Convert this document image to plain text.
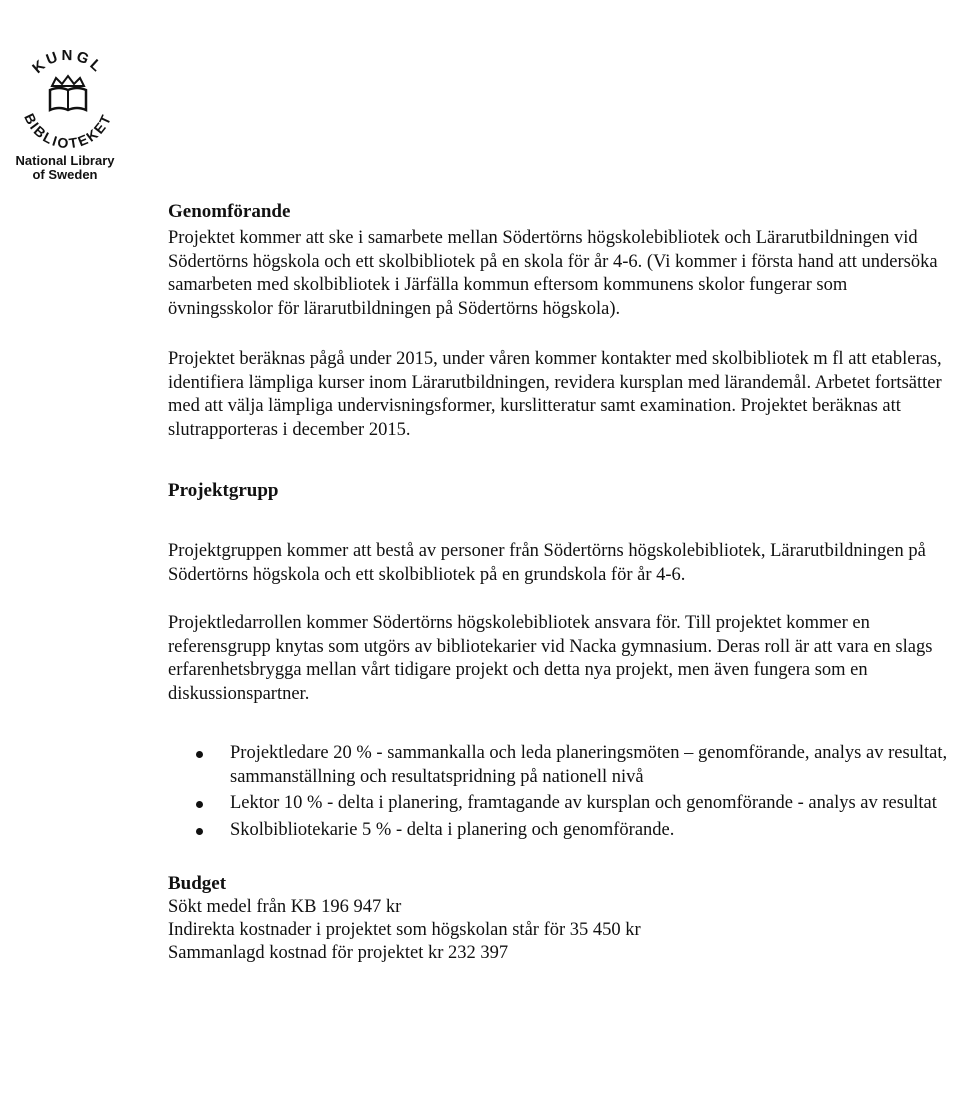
KUNGL
BIBLIOTEKET
National Library
of Sweden
Genomförande

Projektet kommer att ske i samarbete mellan Södertörns högskolebibliotek och Lärarutbildningen vid Södertörns högskola och ett skolbibliotek på en skola för år 4-6. (Vi kommer i första hand att undersöka samarbeten med skolbibliotek i Järfälla kommun eftersom kommunens skolor fungerar som övningsskolor för lärarutbildningen på Södertörns högskola).

Projektet beräknas pågå under 2015, under våren kommer kontakter med skolbibliotek m fl att etableras, identifiera lämpliga kurser inom Lärarutbildningen, revidera kursplan med lärandemål. Arbetet fortsätter med att välja lämpliga undervisningsformer, kurslitteratur samt examination. Projektet beräknas att slutrapporteras i december 2015.

Projektgrupp

Projektgruppen kommer att bestå av personer från Södertörns högskolebibliotek, Lärarutbildningen på Södertörns högskola och ett skolbibliotek på en grundskola för år 4-6.

Projektledarrollen kommer Södertörns högskolebibliotek ansvara för. Till projektet kommer en referensgrupp knytas som utgörs av bibliotekarier vid Nacka gymnasium. Deras roll är att vara en slags erfarenhetsbrygga mellan vårt tidigare projekt och detta nya projekt, men även fungera som en diskussionspartner.

Projektledare 20 % - sammankalla och leda planeringsmöten – genomförande, analys av resultat, sammanställning och resultatspridning på nationell nivå
Lektor 10 % - delta i planering, framtagande av kursplan och genomförande - analys av resultat
Skolbibliotekarie 5 % - delta i planering och genomförande.
Budget

Sökt medel från KB 196 947 kr

Indirekta kostnader i projektet som högskolan står för 35 450 kr

Sammanlagd kostnad för projektet kr 232 397
